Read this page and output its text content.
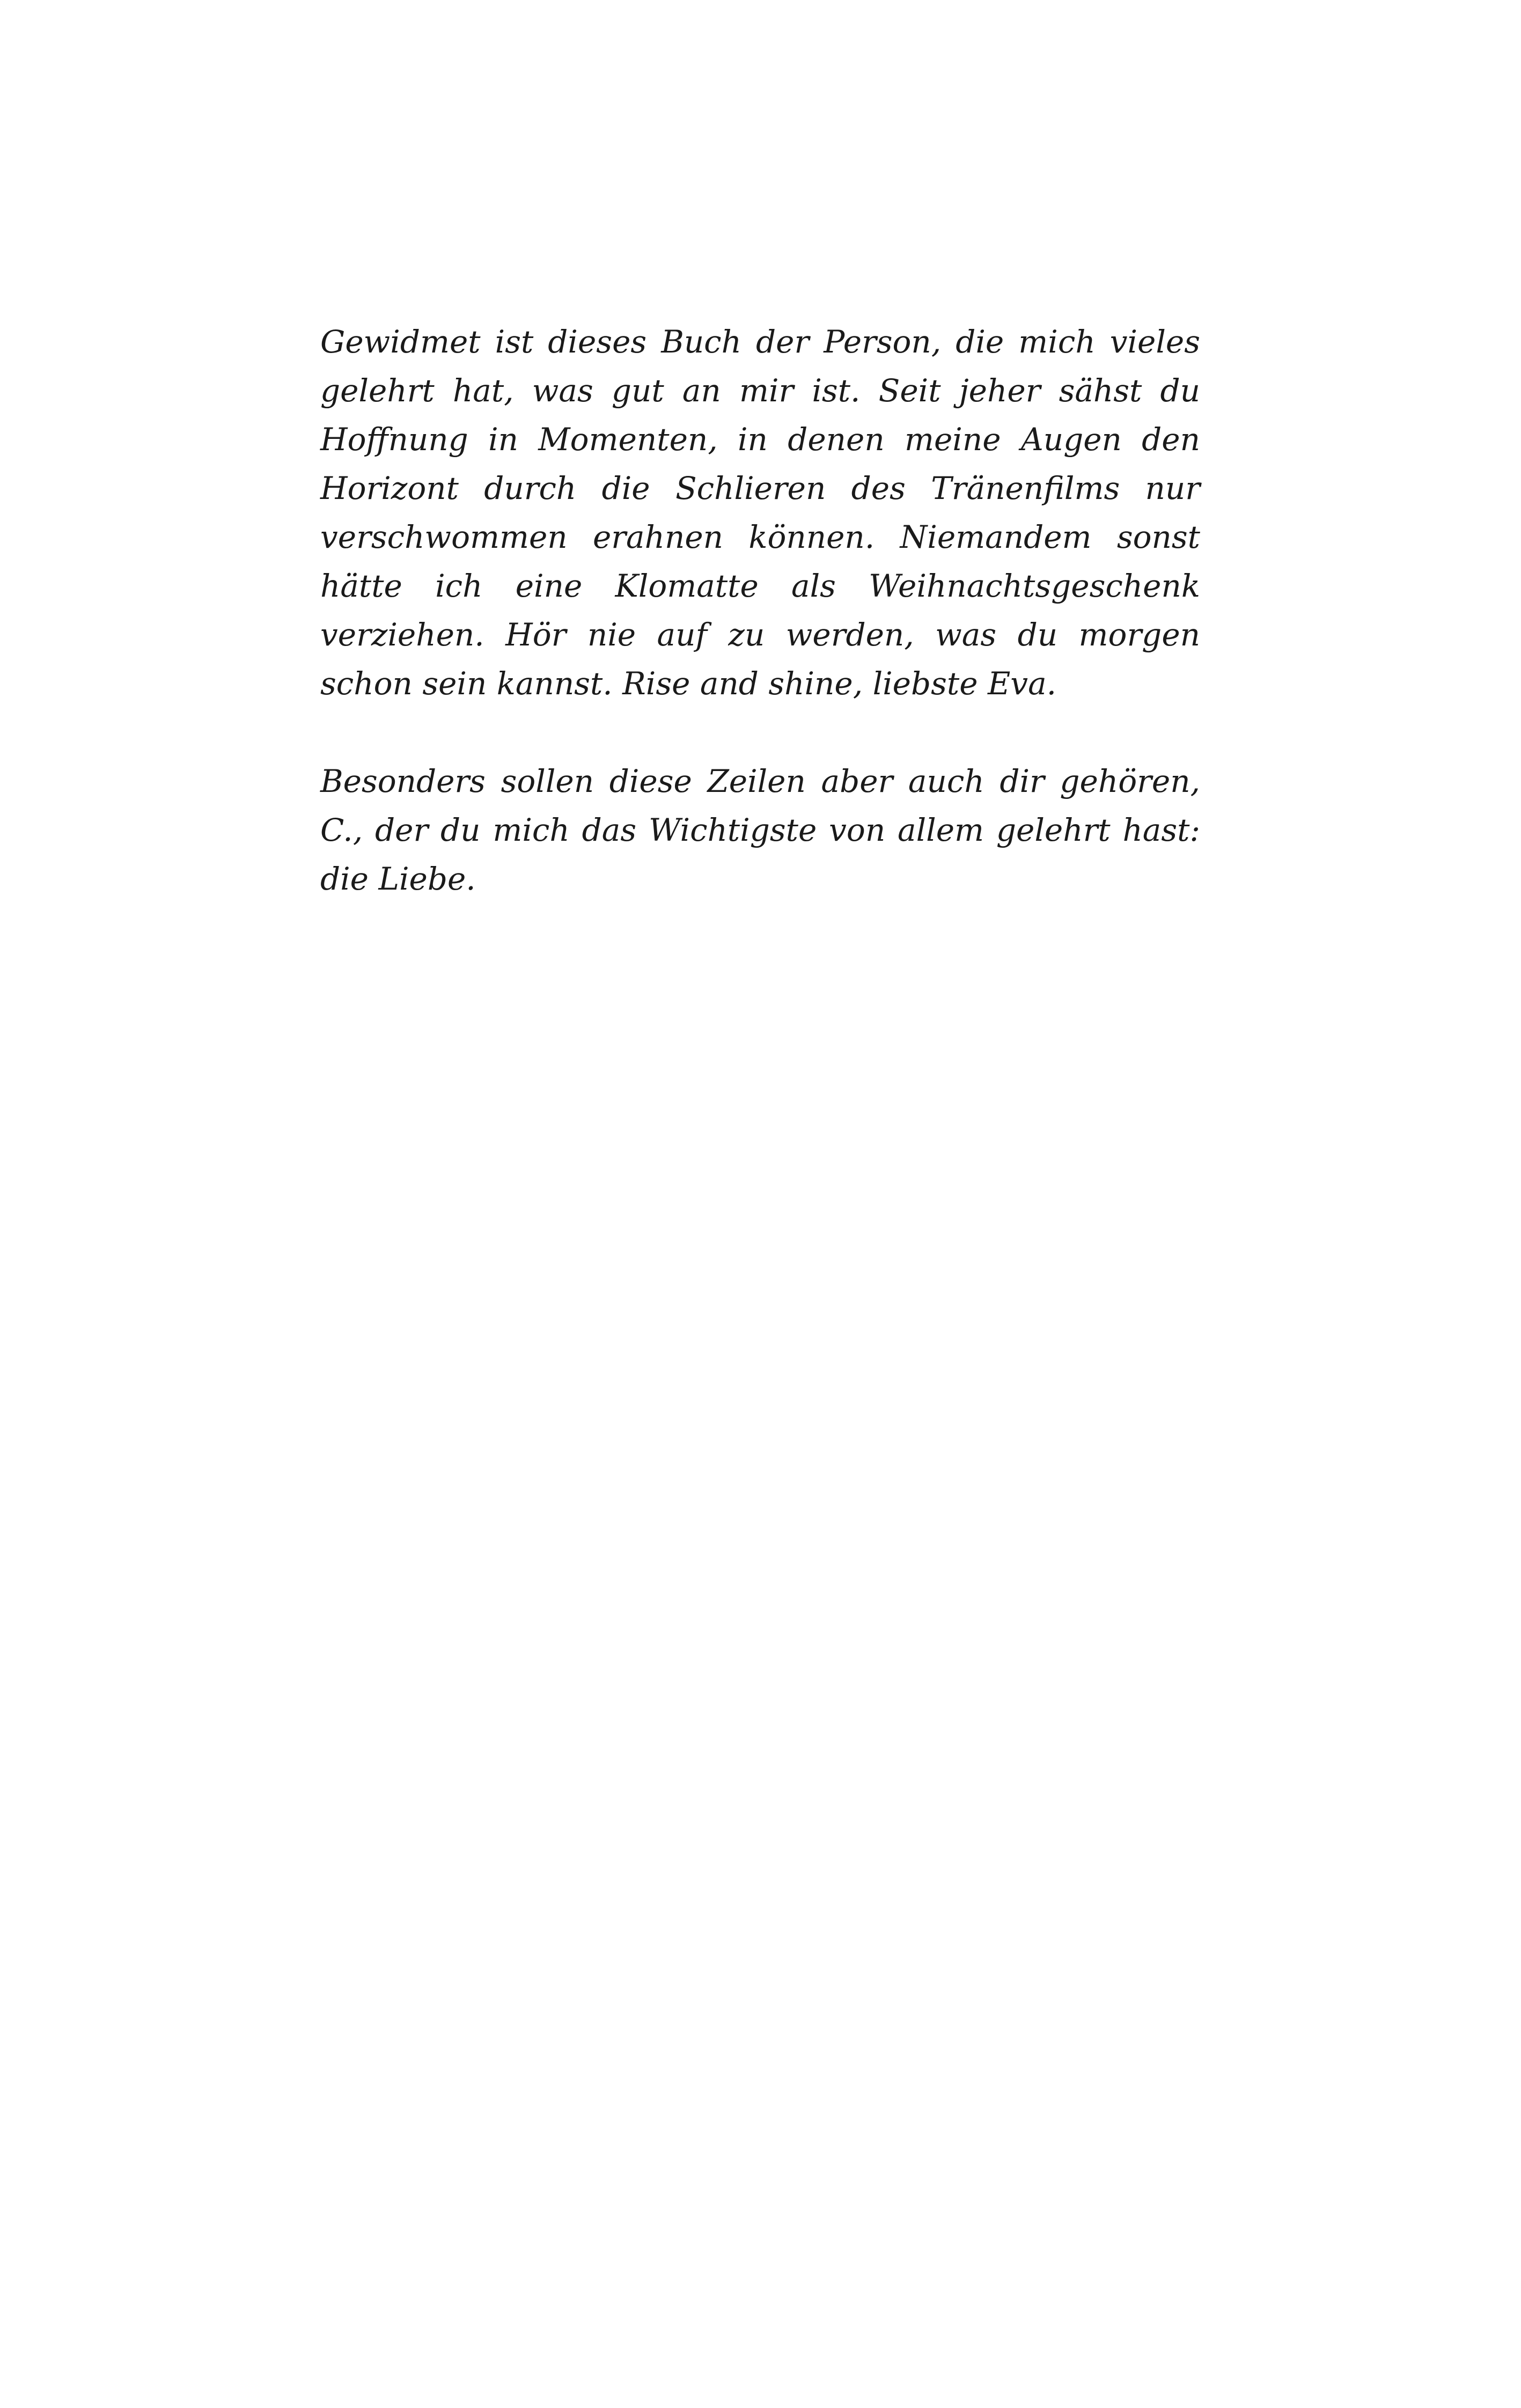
Gewidmet ist dieses Buch der Person, die mich vieles gelehrt hat, was gut an mir ist. Seit jeher sähst du Hoffnung in Momenten, in denen meine Augen den Horizont durch die Schlieren des Tränenfilms nur verschwommen erahnen können. Niemandem sonst hätte ich eine Klomatte als Weihnachtsgeschenk verziehen. Hör nie auf zu werden, was du morgen schon sein kannst. Rise and shine, liebste Eva.

Besonders sollen diese Zeilen aber auch dir gehören, C., der du mich das Wichtigste von allem gelehrt hast: die Liebe.
